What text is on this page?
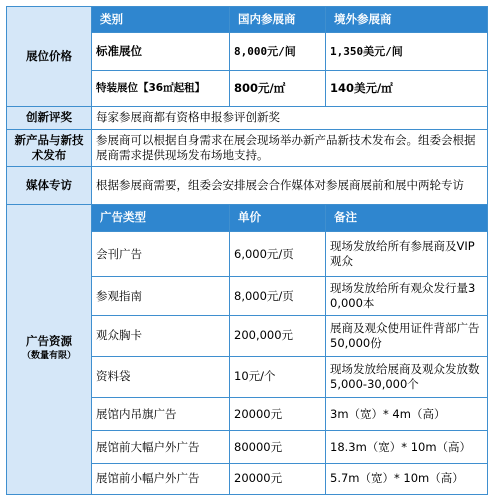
展位价格	类别	国内参展商	境外参展商
	标准展位	8,000元/间	1,350美元/间
	特装展位【36㎡起租】	800元/㎡	140美元/㎡
创新评奖	每家参展商都有资格申报参评创新奖		
新产品与新技术发布	参展商可以根据自身需求在展会现场举办新产品新技术发布会。组委会根据展商需求提供现场发布场地支持。		
媒体专访	根据参展商需要，组委会安排展会合作媒体对参展商展前和展中两轮专访		
广告资源
（数量有限）	广告类型	单价	备注
	会刊广告	6,000元/页	现场发放给所有参展商及VIP观众
	参观指南	8,000元/页	现场发放给所有观众发行量30,000本
	观众胸卡	200,000元	展商及观众使用证件背部广告50,000份
	资料袋	10元/个	现场发放给展商及观众发放数5,000-30,000个
	展馆内吊旗广告	20000元	3m（宽）* 4m（高）
	展馆前大幅户外广告	80000元	18.3m（宽）* 10m（高）
	展馆前小幅户外广告	20000元	5.7m（宽）* 10m（高）
